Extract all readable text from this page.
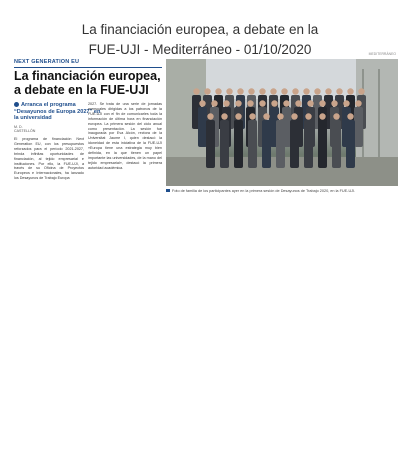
La financiación europea, a debate en la
FUE-UJI - Mediterráneo - 01/10/2020
NEXT GENERATION EU
La financiación europea, a debate en la FUE-UJI
Arranca el programa “Desayunos de Europa 2027” en la universidad
M. D.
CASTELLÓN
El programa de financiación Next Generation EU, con los presupuestos reforzados para el período 2021-2027, brinda infinitas oportunidades de financiación, al tejido empresarial e instituciones. Por ello, la FUE-UJI, a través de su Oficina de Proyectos Europeos e Internacionales, ha lanzado los Desayunos de Trabajo Europa
2027. Se trata de una serie de jornadas mensuales dirigidas a los patronos de la FUE-UJI con el fin de comunicarles toda la información de última hora en financiación europea. La primera sesión del ciclo anual como presentación. La sesión fue inaugurada por Eva Alcón, rectora de la Universitat Jaume I, quien destacó la idoneidad de esta iniciativa de la FUE-UJI «Europa tiene una estrategia muy bien definida, en la que tienen un papel importante las universidades, de la mano del tejido empresarial», destacó la primera autoridad académica.
MEDITERRÁNEO
Foto de familia de los participantes ayer en la primera sesión de Desayunos de Trabajo 2020, en la FUE-UJI.
